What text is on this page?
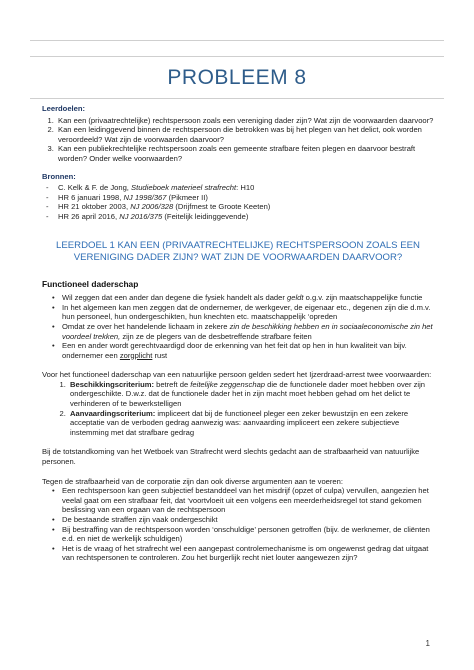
PROBLEEM 8
Leerdoelen:
1. Kan een (privaatrechtelijke) rechtspersoon zoals een vereniging dader zijn? Wat zijn de voorwaarden daarvoor?
2. Kan een leidinggevend binnen de rechtspersoon die betrokken was bij het plegen van het delict, ook worden veroordeeld? Wat zijn de voorwaarden daarvoor?
3. Kan een publiekrechtelijke rechtspersoon zoals een gemeente strafbare feiten plegen en daarvoor bestraft worden? Onder welke voorwaarden?
Bronnen:
- C. Kelk & F. de Jong, Studieboek materieel strafrecht: H10
- HR 6 januari 1998, NJ 1998/367 (Pikmeer II)
- HR 21 oktober 2003, NJ 2006/328 (Drijfmest te Groote Keeten)
- HR 26 april 2016, NJ 2016/375 (Feitelijk leidinggevende)
LEERDOEL 1 KAN EEN (PRIVAATRECHTELIJKE) RECHTSPERSOON ZOALS EEN VERENIGING DADER ZIJN? WAT ZIJN DE VOORWAARDEN DAARVOOR?
Functioneel daderschap
• Wil zeggen dat een ander dan degene die fysiek handelt als dader geldt o.g.v. zijn maatschappelijke functie
• In het algemeen kan men zeggen dat de ondernemer, de werkgever, de eigenaar etc., degenen zijn die d.m.v. hun personeel, hun ondergeschikten, hun knechten etc. maatschappelijk ‘opreden
• Omdat ze over het handelende lichaam in zekere zin de beschikking hebben en in sociaaleconomische zin het voordeel trekken, zijn ze de plegers van de desbetreffende strafbare feiten
• Een en ander wordt gerechtvaardigd door de erkenning van het feit dat op hen in hun kwaliteit van bijv. ondernemer een zorgplicht rust
Voor het functioneel daderschap van een natuurlijke persoon gelden sedert het Ijzerdraad-arrest twee voorwaarden:
1. Beschikkingscriterium: betreft de feitelijke zeggenschap die de functionele dader moet hebben over zijn ondergeschikte. D.w.z. dat de functionele dader het in zijn macht moet hebben gehad om het delict te verhinderen of te bewerkstelligen
2. Aanvaardingscriterium: impliceert dat bij de functioneel pleger een zeker bewustzijn en een zekere acceptatie van de verboden gedrag aanwezig was: aanvaarding impliceert een zekere subjectieve instemming met dat strafbare gedrag
Bij de totstandkoming van het Wetboek van Strafrecht werd slechts gedacht aan de strafbaarheid van natuurlijke personen.
Tegen de strafbaarheid van de corporatie zijn dan ook diverse argumenten aan te voeren:
• Een rechtspersoon kan geen subjectief bestanddeel van het misdrijf (opzet of culpa) vervullen, aangezien het veelal gaat om een strafbaar feit, dat ‘voortvloeit uit een volgens een meerderheidsregel tot stand gekomen beslissing van een orgaan van de rechtspersoon
• De bestaande straffen zijn vaak ondergeschikt
• Bij bestraffing van de rechtspersoon worden ‘onschuldige’ personen getroffen (bijv. de werknemer, de cliënten e.d. en niet de werkelijk schuldigen)
• Het is de vraag of het strafrecht wel een aangepast controlemechanisme is om ongewenst gedrag dat uitgaat van rechtspersonen te controleren. Zou het burgerlijk recht niet louter aangewezen zijn?
1
